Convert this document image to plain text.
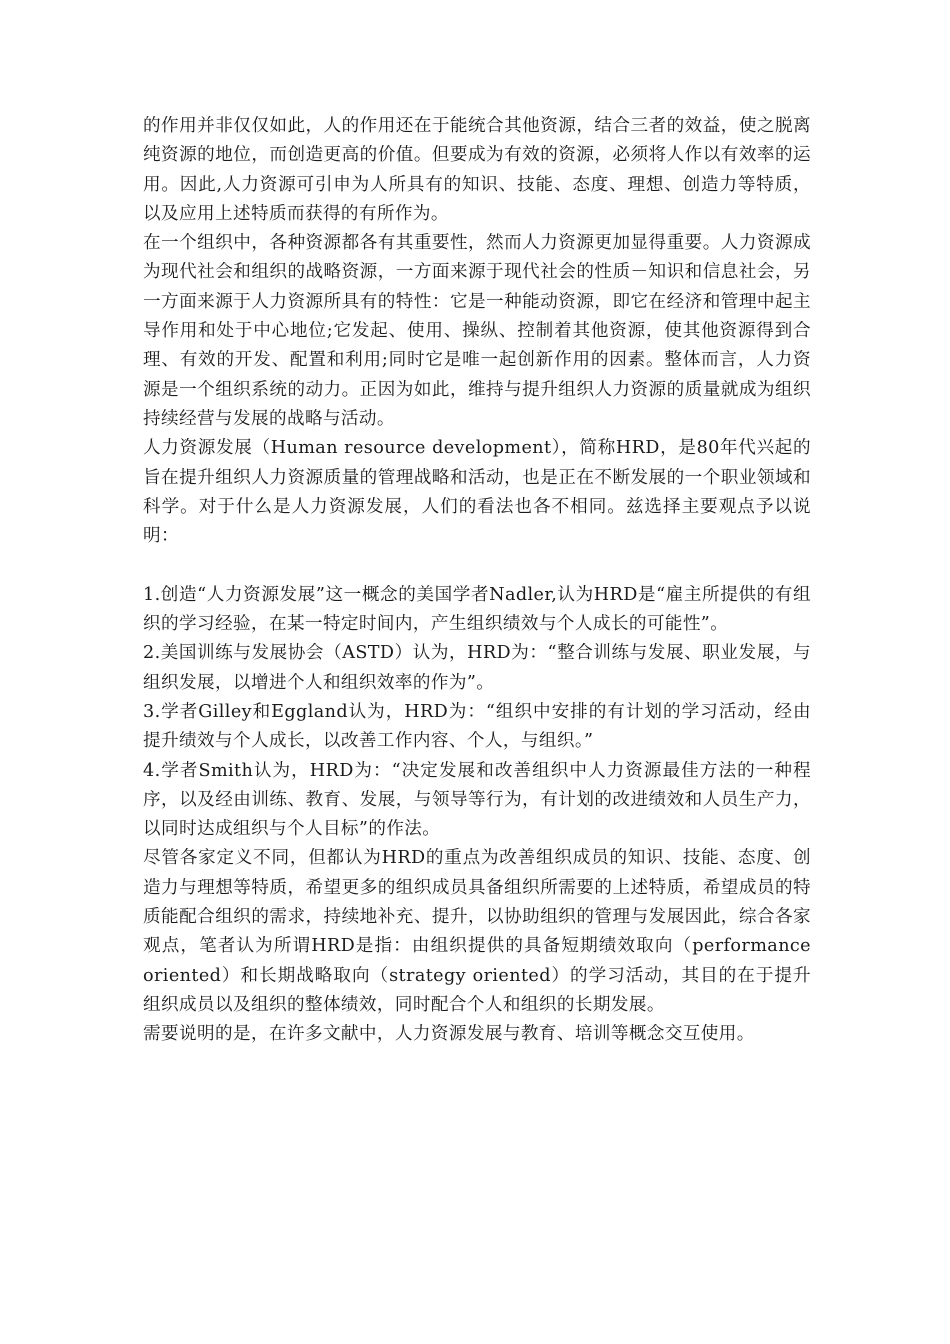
的作用并非仅仅如此，人的作用还在于能统合其他资源，结合三者的效益，使之脱离纯资源的地位，而创造更高的价值。但要成为有效的资源，必须将人作以有效率的运用。因此,人力资源可引申为人所具有的知识、技能、态度、理想、创造力等特质，以及应用上述特质而获得的有所作为。

在一个组织中，各种资源都各有其重要性，然而人力资源更加显得重要。人力资源成为现代社会和组织的战略资源，一方面来源于现代社会的性质－知识和信息社会，另一方面来源于人力资源所具有的特性：它是一种能动资源，即它在经济和管理中起主导作用和处于中心地位;它发起、使用、操纵、控制着其他资源，使其他资源得到合理、有效的开发、配置和利用;同时它是唯一起创新作用的因素。整体而言，人力资源是一个组织系统的动力。正因为如此，维持与提升组织人力资源的质量就成为组织持续经营与发展的战略与活动。

人力资源发展（Human resource development），简称HRD，是80年代兴起的旨在提升组织人力资源质量的管理战略和活动，也是正在不断发展的一个职业领域和科学。对于什么是人力资源发展，人们的看法也各不相同。兹选择主要观点予以说明：

1.创造“人力资源发展”这一概念的美国学者Nadler,认为HRD是“雇主所提供的有组织的学习经验，在某一特定时间内，产生组织绩效与个人成长的可能性”。

2.美国训练与发展协会（ASTD）认为，HRD为：“整合训练与发展、职业发展，与组织发展，以增进个人和组织效率的作为”。

3.学者Gilley和Eggland认为，HRD为：“组织中安排的有计划的学习活动，经由提升绩效与个人成长，以改善工作内容、个人，与组织。”

4.学者Smith认为，HRD为：“决定发展和改善组织中人力资源最佳方法的一种程序，以及经由训练、教育、发展，与领导等行为，有计划的改进绩效和人员生产力，以同时达成组织与个人目标”的作法。

尽管各家定义不同，但都认为HRD的重点为改善组织成员的知识、技能、态度、创造力与理想等特质，希望更多的组织成员具备组织所需要的上述特质，希望成员的特质能配合组织的需求，持续地补充、提升，以协助组织的管理与发展因此，综合各家观点，笔者认为所谓HRD是指：由组织提供的具备短期绩效取向（performance oriented）和长期战略取向（strategy oriented）的学习活动，其目的在于提升组织成员以及组织的整体绩效，同时配合个人和组织的长期发展。

需要说明的是，在许多文献中，人力资源发展与教育、培训等概念交互使用。
